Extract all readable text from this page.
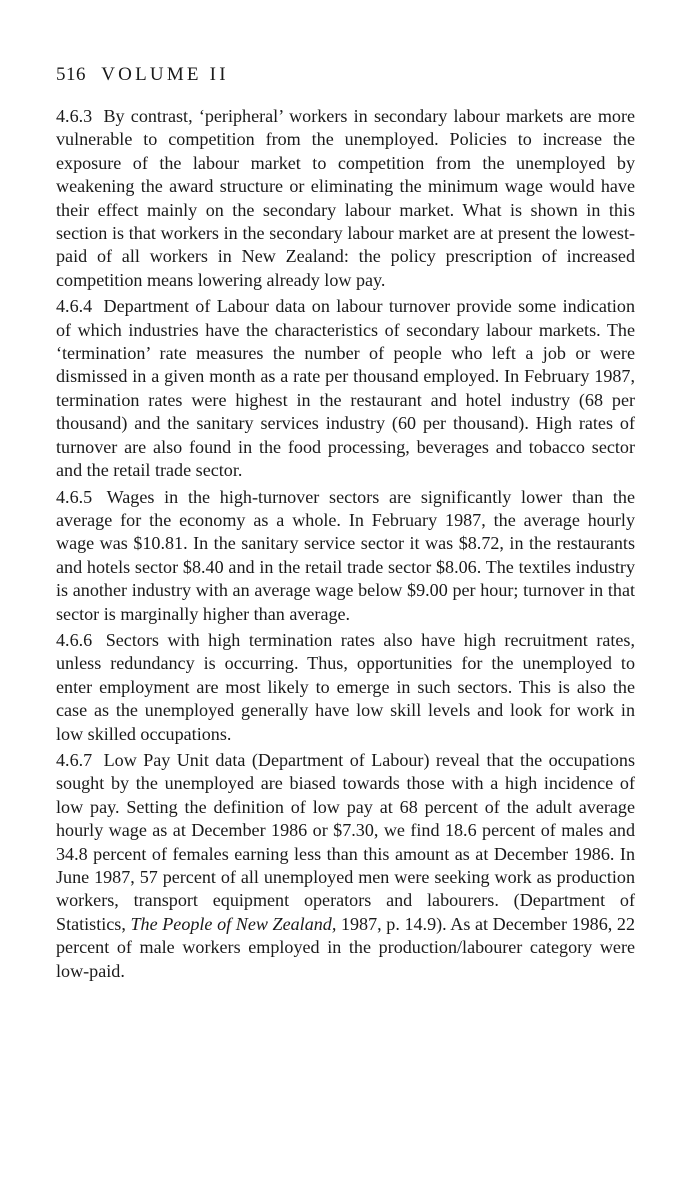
516 VOLUME II

4.6.3 By contrast, ‘peripheral’ workers in secondary labour markets are more vulnerable to competition from the unemployed. Policies to increase the exposure of the labour market to competition from the unemployed by weakening the award structure or eliminating the minimum wage would have their effect mainly on the secondary labour market. What is shown in this section is that workers in the secondary labour market are at present the lowest-paid of all workers in New Zealand: the policy prescription of increased competition means lowering already low pay.

4.6.4 Department of Labour data on labour turnover provide some indication of which industries have the characteristics of secondary labour markets. The ‘termination’ rate measures the number of people who left a job or were dismissed in a given month as a rate per thousand employed. In February 1987, termination rates were highest in the restaurant and hotel industry (68 per thousand) and the sanitary services industry (60 per thousand). High rates of turnover are also found in the food processing, beverages and tobacco sector and the retail trade sector.

4.6.5 Wages in the high-turnover sectors are significantly lower than the average for the economy as a whole. In February 1987, the average hourly wage was $10.81. In the sanitary service sector it was $8.72, in the restaurants and hotels sector $8.40 and in the retail trade sector $8.06. The textiles industry is another industry with an average wage below $9.00 per hour; turnover in that sector is marginally higher than average.

4.6.6 Sectors with high termination rates also have high recruitment rates, unless redundancy is occurring. Thus, opportunities for the unemployed to enter employment are most likely to emerge in such sectors. This is also the case as the unemployed generally have low skill levels and look for work in low skilled occupations.

4.6.7 Low Pay Unit data (Department of Labour) reveal that the occupations sought by the unemployed are biased towards those with a high incidence of low pay. Setting the definition of low pay at 68 percent of the adult average hourly wage as at December 1986 or $7.30, we find 18.6 percent of males and 34.8 percent of females earning less than this amount as at December 1986. In June 1987, 57 percent of all unemployed men were seeking work as production workers, transport equipment operators and labourers. (Department of Statistics, The People of New Zealand, 1987, p. 14.9). As at December 1986, 22 percent of male workers employed in the production/labourer category were low-paid.
